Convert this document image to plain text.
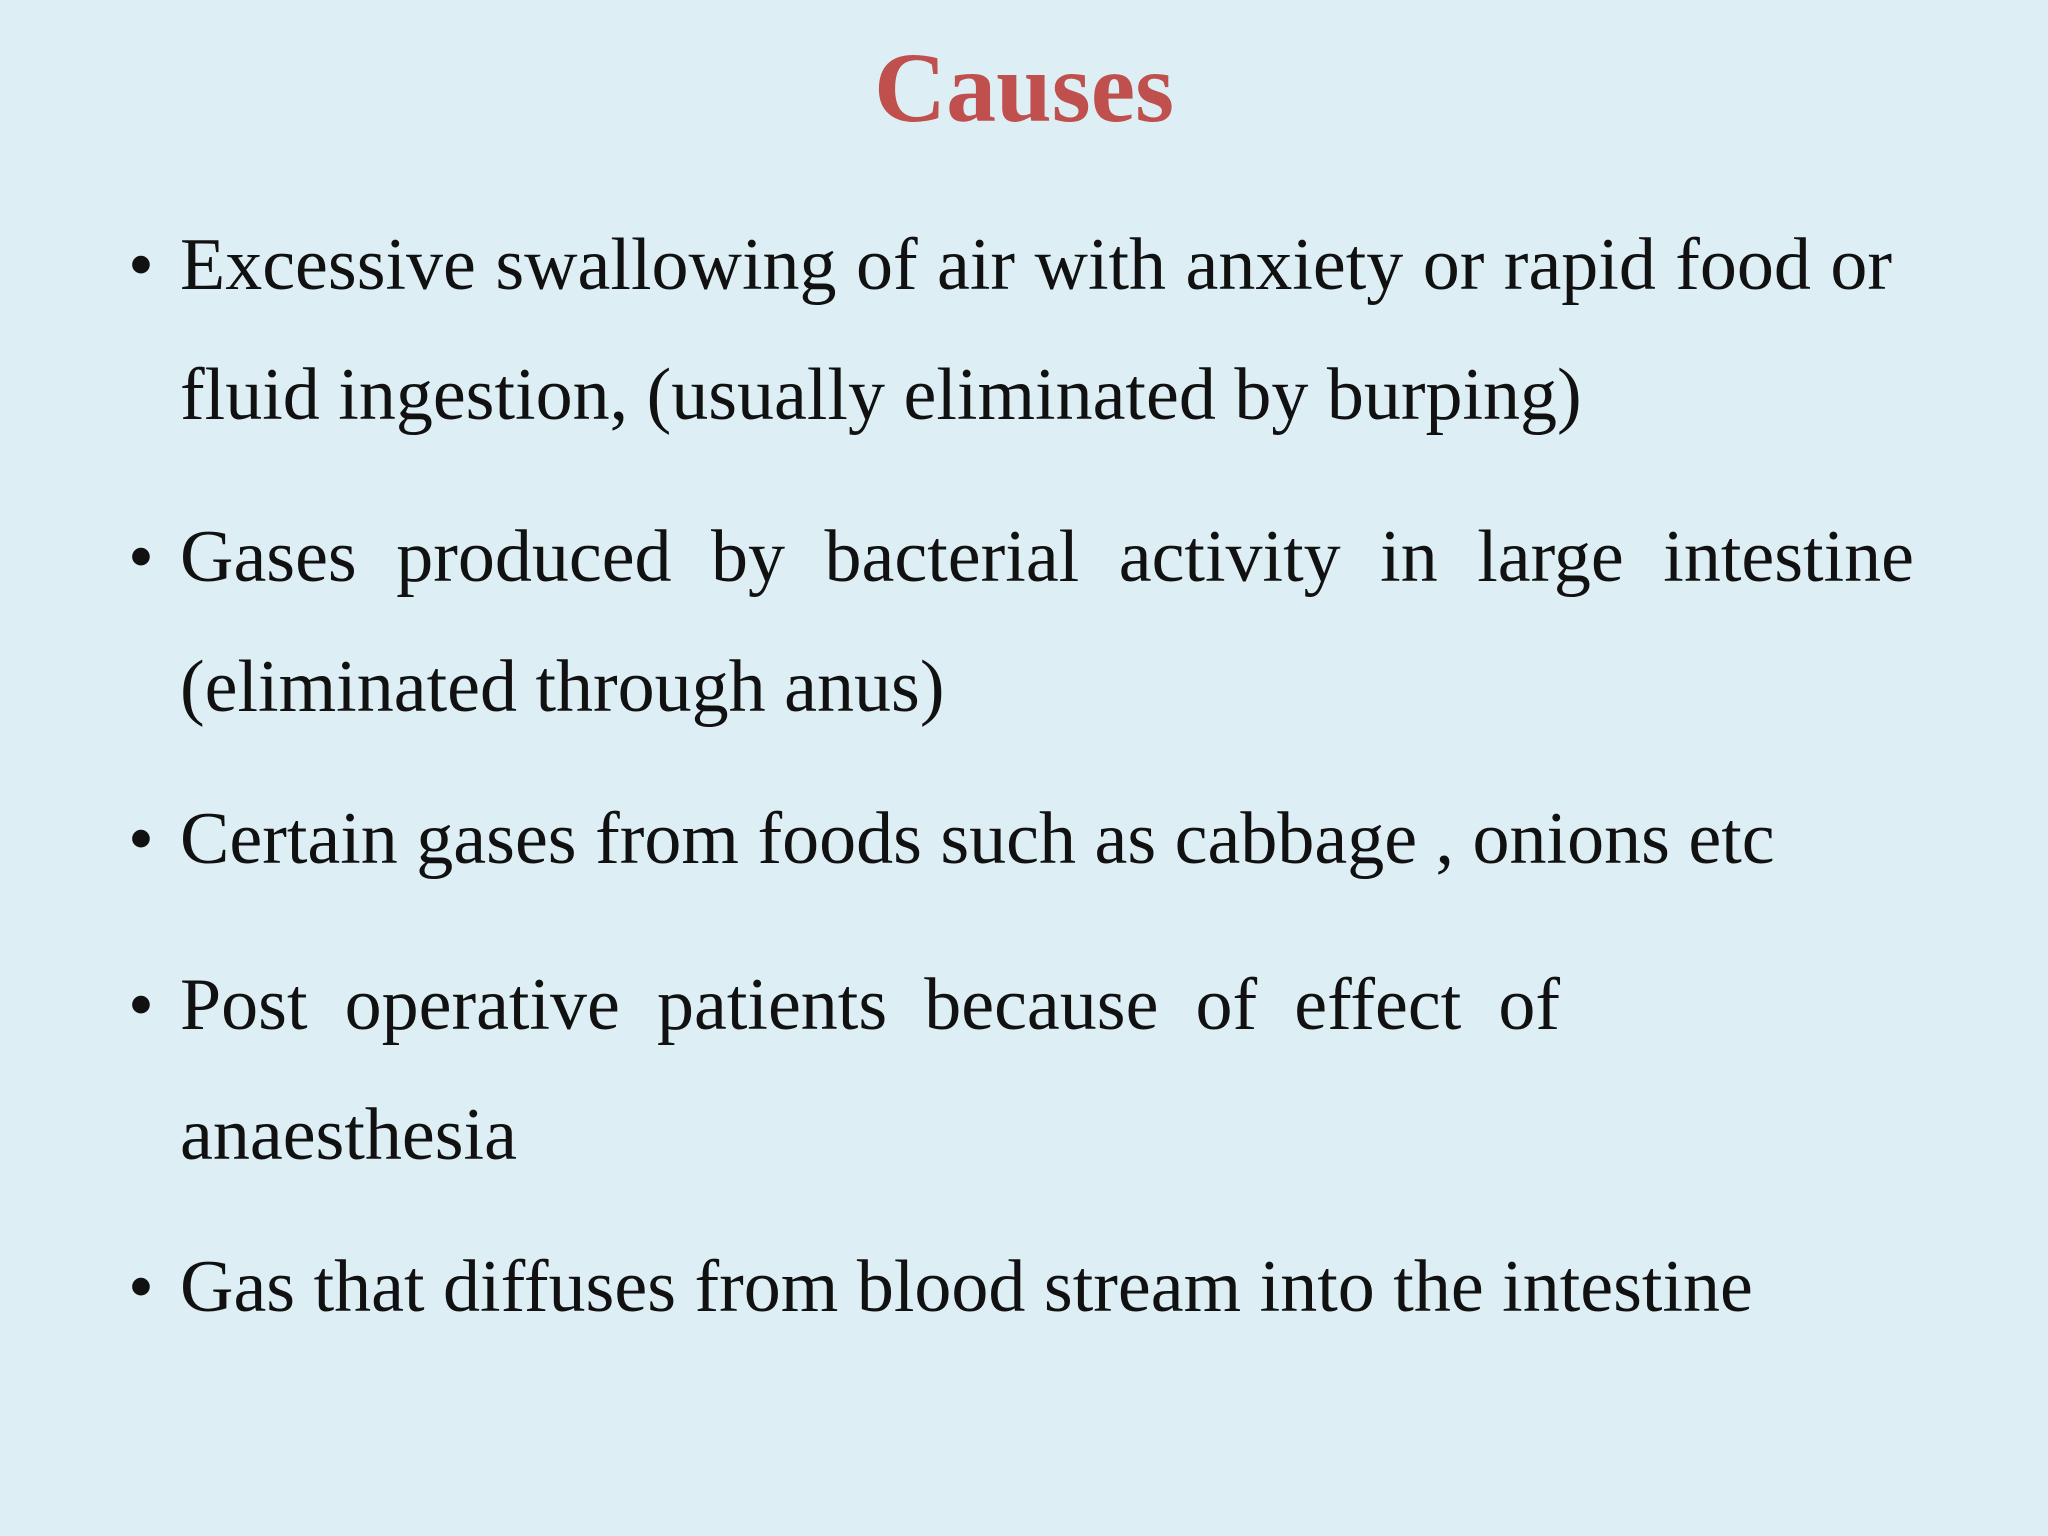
Causes
• Excessive swallowing of air with anxiety or rapid food or fluid ingestion, (usually eliminated by burping)
• Gases produced by bacterial activity in large intestine (eliminated through anus)
• Certain gases from foods such as cabbage , onions etc
• Post operative patients because of effect of anaesthesia
• Gas that diffuses from blood stream into the intestine
